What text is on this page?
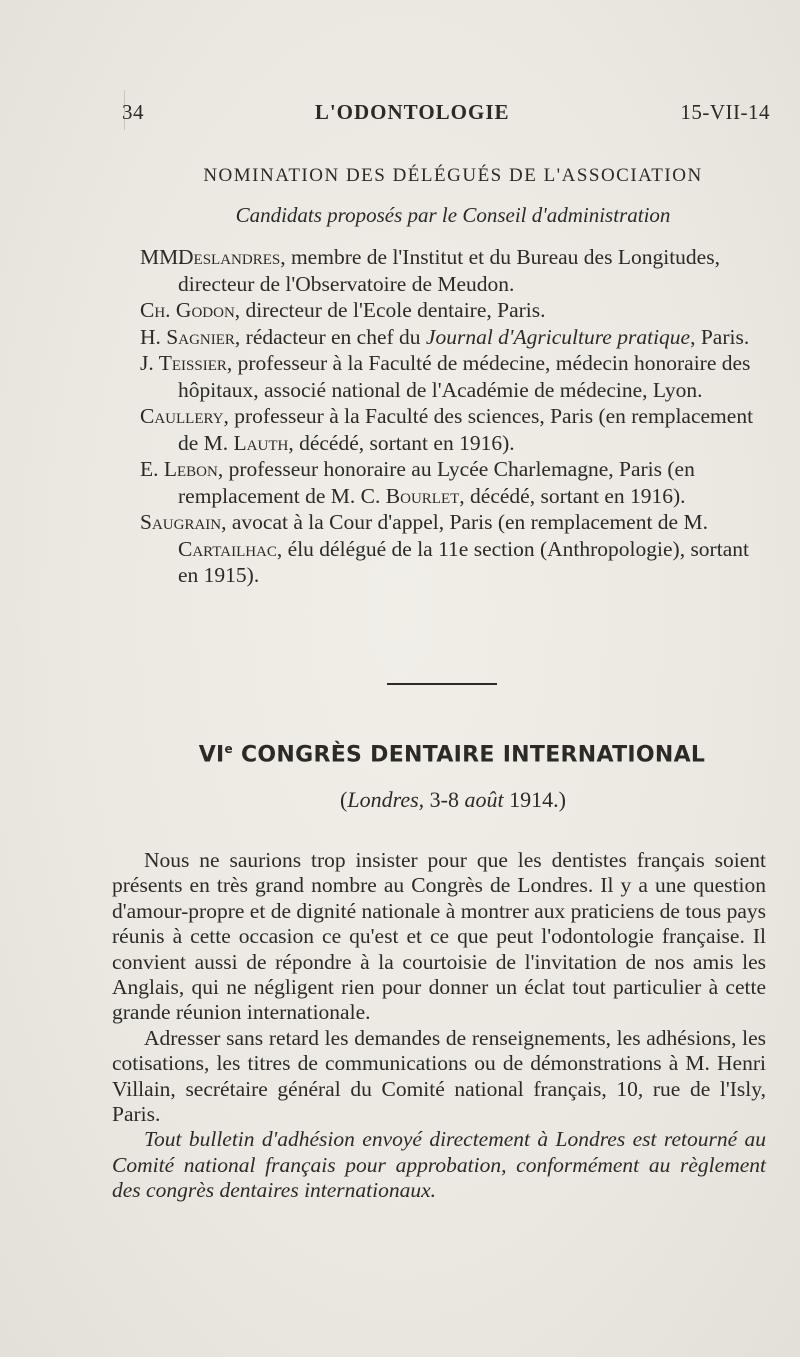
34	L'ODONTOLOGIE	15-VII-14
NOMINATION DES DÉLÉGUÉS DE L'ASSOCIATION
Candidats proposés par le Conseil d'administration
MM.Deslandres, membre de l'Institut et du Bureau des Longitudes, directeur de l'Observatoire de Meudon.
Ch. Godon, directeur de l'Ecole dentaire, Paris.
H. Sagnier, rédacteur en chef du Journal d'Agriculture pratique, Paris.
J. Teissier, professeur à la Faculté de médecine, médecin honoraire des hôpitaux, associé national de l'Académie de médecine, Lyon.
Caullery, professeur à la Faculté des sciences, Paris (en remplacement de M. Lauth, décédé, sortant en 1916).
E. Lebon, professeur honoraire au Lycée Charlemagne, Paris (en remplacement de M. C. Bourlet, décédé, sortant en 1916).
Saugrain, avocat à la Cour d'appel, Paris (en remplacement de M. Cartailhac, élu délégué de la 11e section (Anthropologie), sortant en 1915).
VIe CONGRÈS DENTAIRE INTERNATIONAL
(Londres, 3-8 août 1914.)

Nous ne saurions trop insister pour que les dentistes français soient présents en très grand nombre au Congrès de Londres. Il y a une question d'amour-propre et de dignité nationale à montrer aux praticiens de tous pays réunis à cette occasion ce qu'est et ce que peut l'odontologie française. Il convient aussi de répondre à la courtoisie de l'invitation de nos amis les Anglais, qui ne négligent rien pour donner un éclat tout particulier à cette grande réunion internationale.

Adresser sans retard les demandes de renseignements, les adhésions, les cotisations, les titres de communications ou de démonstrations à M. Henri Villain, secrétaire général du Comité national français, 10, rue de l'Isly, Paris.

Tout bulletin d'adhésion envoyé directement à Londres est retourné au Comité national français pour approbation, conformément au règlement des congrès dentaires internationaux.
